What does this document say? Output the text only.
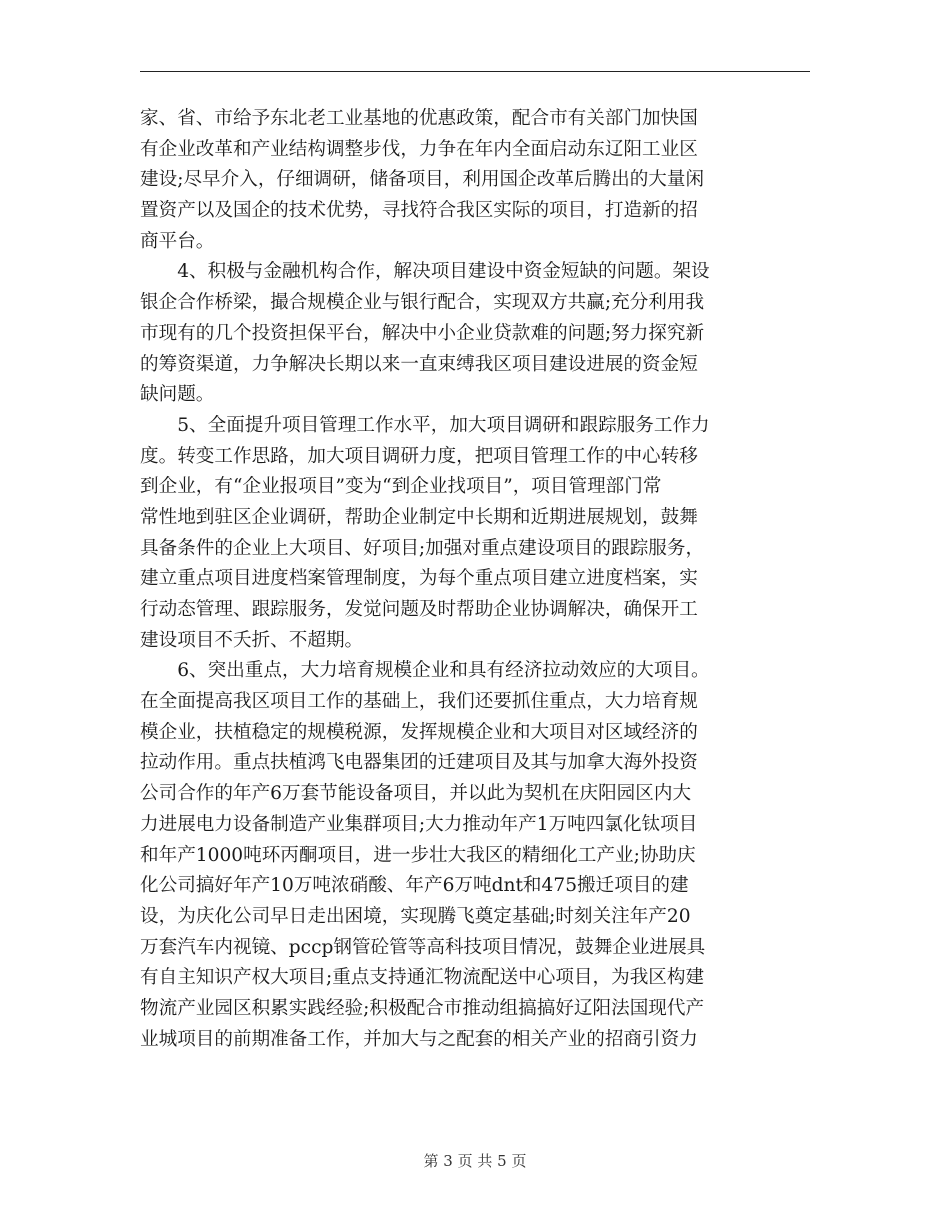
家、省、市给予东北老工业基地的优惠政策，配合市有关部门加快国
有企业改革和产业结构调整步伐，力争在年内全面启动东辽阳工业区
建设;尽早介入，仔细调研，储备项目，利用国企改革后腾出的大量闲
置资产以及国企的技术优势，寻找符合我区实际的项目，打造新的招
商平台。
　　4、积极与金融机构合作，解决项目建设中资金短缺的问题。架设
银企合作桥梁，撮合规模企业与银行配合，实现双方共赢;充分利用我
市现有的几个投资担保平台，解决中小企业贷款难的问题;努力探究新
的筹资渠道，力争解决长期以来一直束缚我区项目建设进展的资金短
缺问题。
　　5、全面提升项目管理工作水平，加大项目调研和跟踪服务工作力
度。转变工作思路，加大项目调研力度，把项目管理工作的中心转移
到企业，有“企业报项目”变为“到企业找项目”，项目管理部门常
常性地到驻区企业调研，帮助企业制定中长期和近期进展规划，鼓舞
具备条件的企业上大项目、好项目;加强对重点建设项目的跟踪服务，
建立重点项目进度档案管理制度，为每个重点项目建立进度档案，实
行动态管理、跟踪服务，发觉问题及时帮助企业协调解决，确保开工
建设项目不夭折、不超期。
　　6、突出重点，大力培育规模企业和具有经济拉动效应的大项目。
在全面提高我区项目工作的基础上，我们还要抓住重点，大力培育规
模企业，扶植稳定的规模税源，发挥规模企业和大项目对区域经济的
拉动作用。重点扶植鸿飞电器集团的迁建项目及其与加拿大海外投资
公司合作的年产6万套节能设备项目，并以此为契机在庆阳园区内大
力进展电力设备制造产业集群项目;大力推动年产1万吨四氯化钛项目
和年产1000吨环丙酮项目，进一步壮大我区的精细化工产业;协助庆
化公司搞好年产10万吨浓硝酸、年产6万吨dnt和475搬迁项目的建
设，为庆化公司早日走出困境，实现腾飞奠定基础;时刻关注年产20
万套汽车内视镜、pccp钢管砼管等高科技项目情况，鼓舞企业进展具
有自主知识产权大项目;重点支持通汇物流配送中心项目，为我区构建
物流产业园区积累实践经验;积极配合市推动组搞搞好辽阳法国现代产
业城项目的前期准备工作，并加大与之配套的相关产业的招商引资力
第 3 页 共 5 页
